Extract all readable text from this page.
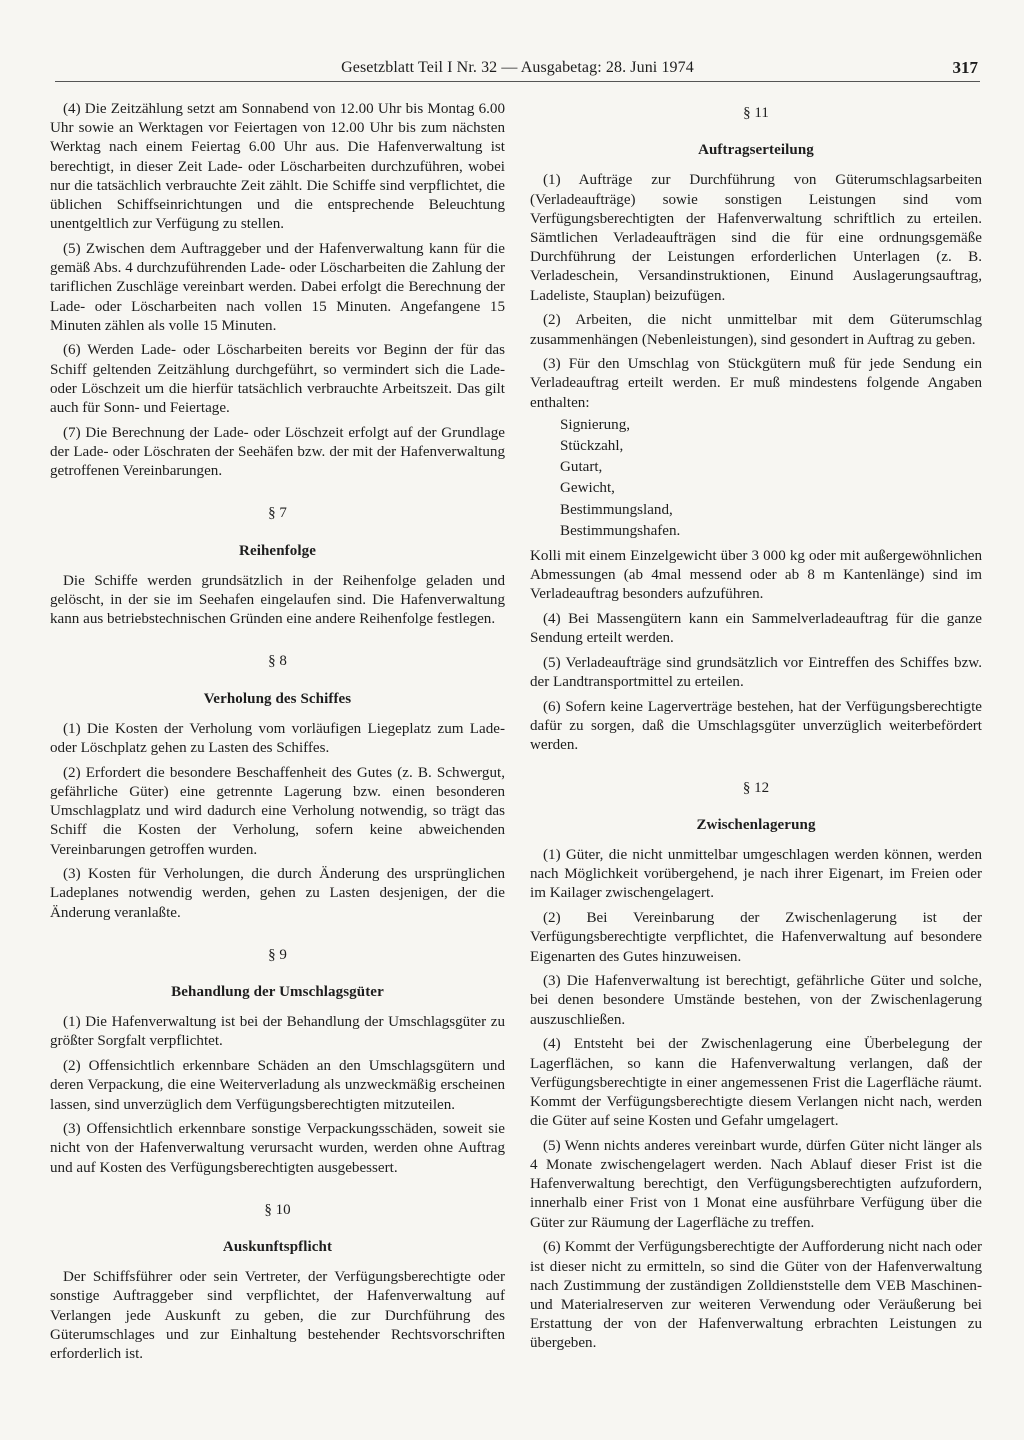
Gesetzblatt Teil I Nr. 32 — Ausgabetag: 28. Juni 1974	317

(4) Die Zeitzählung setzt am Sonnabend von 12.00 Uhr bis Montag 6.00 Uhr sowie an Werktagen vor Feiertagen von 12.00 Uhr bis zum nächsten Werktag nach einem Feiertag 6.00 Uhr aus. Die Hafenverwaltung ist berechtigt, in dieser Zeit Lade- oder Löscharbeiten durchzuführen, wobei nur die tatsächlich verbrauchte Zeit zählt. Die Schiffe sind verpflichtet, die üblichen Schiffseinrichtungen und die entsprechende Beleuchtung unentgeltlich zur Verfügung zu stellen.

(5) Zwischen dem Auftraggeber und der Hafenverwaltung kann für die gemäß Abs. 4 durchzuführenden Lade- oder Löscharbeiten die Zahlung der tariflichen Zuschläge vereinbart werden. Dabei erfolgt die Berechnung der Lade- oder Löscharbeiten nach vollen 15 Minuten. Angefangene 15 Minuten zählen als volle 15 Minuten.

(6) Werden Lade- oder Löscharbeiten bereits vor Beginn der für das Schiff geltenden Zeitzählung durchgeführt, so vermindert sich die Lade- oder Löschzeit um die hierfür tatsächlich verbrauchte Arbeitszeit. Das gilt auch für Sonn- und Feiertage.

(7) Die Berechnung der Lade- oder Löschzeit erfolgt auf der Grundlage der Lade- oder Löschraten der Seehäfen bzw. der mit der Hafenverwaltung getroffenen Vereinbarungen.

§ 7
Reihenfolge

Die Schiffe werden grundsätzlich in der Reihenfolge geladen und gelöscht, in der sie im Seehafen eingelaufen sind. Die Hafenverwaltung kann aus betriebstechnischen Gründen eine andere Reihenfolge festlegen.

§ 8
Verholung des Schiffes

(1) Die Kosten der Verholung vom vorläufigen Liegeplatz zum Lade- oder Löschplatz gehen zu Lasten des Schiffes.

(2) Erfordert die besondere Beschaffenheit des Gutes (z. B. Schwergut, gefährliche Güter) eine getrennte Lagerung bzw. einen besonderen Umschlagplatz und wird dadurch eine Verholung notwendig, so trägt das Schiff die Kosten der Verholung, sofern keine abweichenden Vereinbarungen getroffen wurden.

(3) Kosten für Verholungen, die durch Änderung des ursprünglichen Ladeplanes notwendig werden, gehen zu Lasten desjenigen, der die Änderung veranlaßte.

§ 9
Behandlung der Umschlagsgüter

(1) Die Hafenverwaltung ist bei der Behandlung der Umschlagsgüter zu größter Sorgfalt verpflichtet.

(2) Offensichtlich erkennbare Schäden an den Umschlagsgütern und deren Verpackung, die eine Weiterverladung als unzweckmäßig erscheinen lassen, sind unverzüglich dem Verfügungsberechtigten mitzuteilen.

(3) Offensichtlich erkennbare sonstige Verpackungsschäden, soweit sie nicht von der Hafenverwaltung verursacht wurden, werden ohne Auftrag und auf Kosten des Verfügungsberechtigten ausgebessert.

§ 10
Auskunftspflicht

Der Schiffsführer oder sein Vertreter, der Verfügungsberechtigte oder sonstige Auftraggeber sind verpflichtet, der Hafenverwaltung auf Verlangen jede Auskunft zu geben, die zur Durchführung des Güterumschlages und zur Einhaltung bestehender Rechtsvorschriften erforderlich ist.

§ 11
Auftragserteilung

(1) Aufträge zur Durchführung von Güterumschlagsarbeiten (Verladeaufträge) sowie sonstigen Leistungen sind vom Verfügungsberechtigten der Hafenverwaltung schriftlich zu erteilen. Sämtlichen Verladeaufträgen sind die für eine ordnungsgemäße Durchführung der Leistungen erforderlichen Unterlagen (z. B. Verladeschein, Versandinstruktionen, Einund Auslagerungsauftrag, Ladeliste, Stauplan) beizufügen.

(2) Arbeiten, die nicht unmittelbar mit dem Güterumschlag zusammenhängen (Nebenleistungen), sind gesondert in Auftrag zu geben.

(3) Für den Umschlag von Stückgütern muß für jede Sendung ein Verladeauftrag erteilt werden. Er muß mindestens folgende Angaben enthalten:

Signierung,

Stückzahl,

Gutart,

Gewicht,

Bestimmungsland,

Bestimmungshafen.

Kolli mit einem Einzelgewicht über 3 000 kg oder mit außergewöhnlichen Abmessungen (ab 4mal messend oder ab 8 m Kantenlänge) sind im Verladeauftrag besonders aufzuführen.

(4) Bei Massengütern kann ein Sammelverladeauftrag für die ganze Sendung erteilt werden.

(5) Verladeaufträge sind grundsätzlich vor Eintreffen des Schiffes bzw. der Landtransportmittel zu erteilen.

(6) Sofern keine Lagerverträge bestehen, hat der Verfügungsberechtigte dafür zu sorgen, daß die Umschlagsgüter unverzüglich weiterbefördert werden.

§ 12
Zwischenlagerung

(1) Güter, die nicht unmittelbar umgeschlagen werden können, werden nach Möglichkeit vorübergehend, je nach ihrer Eigenart, im Freien oder im Kailager zwischengelagert.

(2) Bei Vereinbarung der Zwischenlagerung ist der Verfügungsberechtigte verpflichtet, die Hafenverwaltung auf besondere Eigenarten des Gutes hinzuweisen.

(3) Die Hafenverwaltung ist berechtigt, gefährliche Güter und solche, bei denen besondere Umstände bestehen, von der Zwischenlagerung auszuschließen.

(4) Entsteht bei der Zwischenlagerung eine Überbelegung der Lagerflächen, so kann die Hafenverwaltung verlangen, daß der Verfügungsberechtigte in einer angemessenen Frist die Lagerfläche räumt. Kommt der Verfügungsberechtigte diesem Verlangen nicht nach, werden die Güter auf seine Kosten und Gefahr umgelagert.

(5) Wenn nichts anderes vereinbart wurde, dürfen Güter nicht länger als 4 Monate zwischengelagert werden. Nach Ablauf dieser Frist ist die Hafenverwaltung berechtigt, den Verfügungsberechtigten aufzufordern, innerhalb einer Frist von 1 Monat eine ausführbare Verfügung über die Güter zur Räumung der Lagerfläche zu treffen.

(6) Kommt der Verfügungsberechtigte der Aufforderung nicht nach oder ist dieser nicht zu ermitteln, so sind die Güter von der Hafenverwaltung nach Zustimmung der zuständigen Zolldienststelle dem VEB Maschinen- und Materialreserven zur weiteren Verwendung oder Veräußerung bei Erstattung der von der Hafenverwaltung erbrachten Leistungen zu übergeben.
